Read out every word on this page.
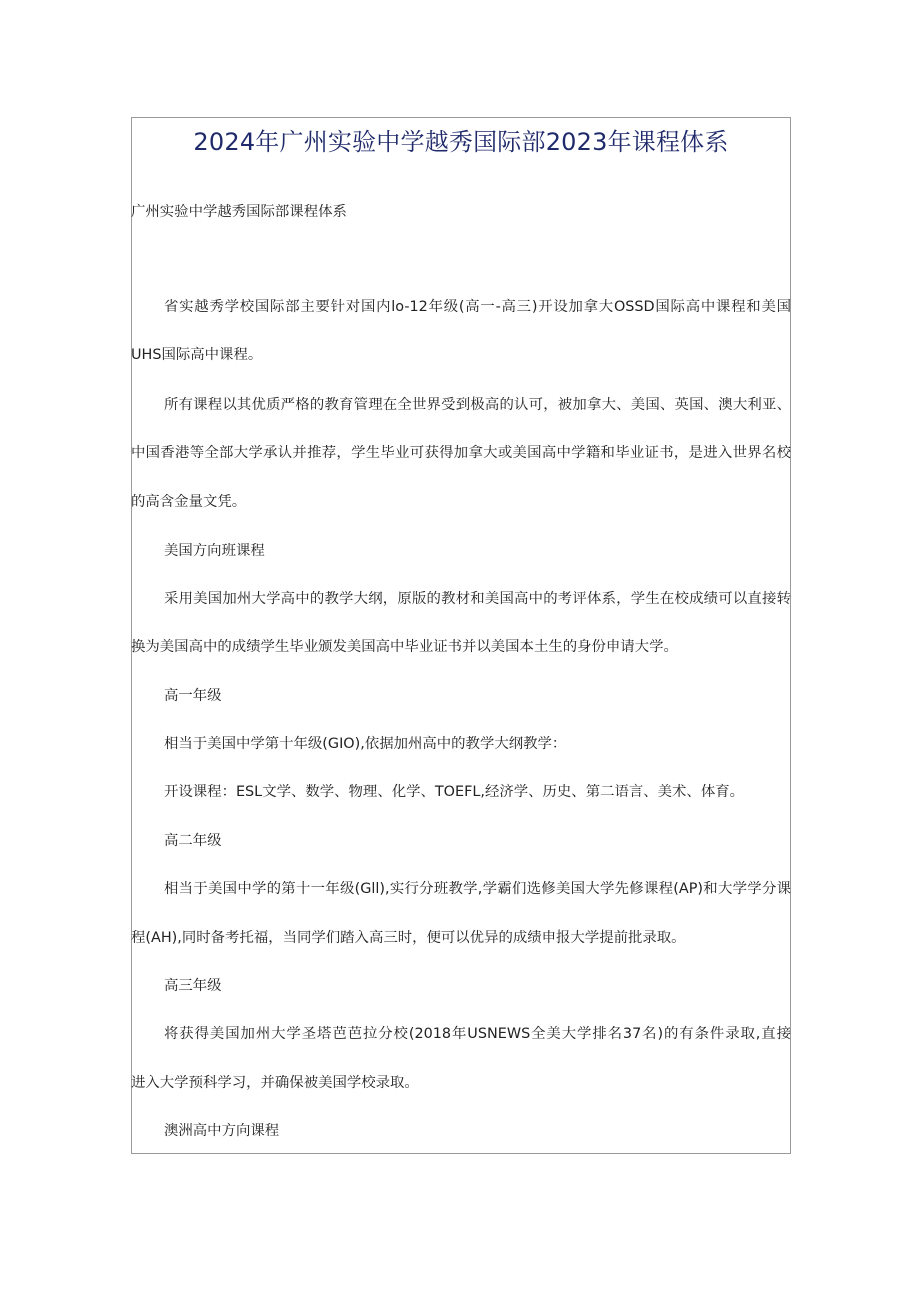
2024年广州实验中学越秀国际部2023年课程体系
广州实验中学越秀国际部课程体系
省实越秀学校国际部主要针对国内lo-12年级(高一-高三)开设加拿大OSSD国际高中课程和美国
UHS国际高中课程。
所有课程以其优质严格的教育管理在全世界受到极高的认可，被加拿大、美国、英国、澳大利亚、
中国香港等全部大学承认并推荐，学生毕业可获得加拿大或美国高中学籍和毕业证书，是进入世界名校
的高含金量文凭。
美国方向班课程
采用美国加州大学高中的教学大纲，原版的教材和美国高中的考评体系，学生在校成绩可以直接转
换为美国高中的成绩学生毕业颁发美国高中毕业证书并以美国本土生的身份申请大学。
高一年级
相当于美国中学第十年级(GIO),依据加州高中的教学大纲教学：
开设课程：ESL文学、数学、物理、化学、TOEFL,经济学、历史、第二语言、美术、体育。
高二年级
相当于美国中学的第十一年级(Gll),实行分班教学,学霸们选修美国大学先修课程(AP)和大学学分课
程(AH),同时备考托福，当同学们踏入高三时，便可以优异的成绩申报大学提前批录取。
高三年级
将获得美国加州大学圣塔芭芭拉分校(2018年USNEWS全美大学排名37名)的有条件录取,直接
进入大学预科学习，并确保被美国学校录取。
澳洲高中方向课程
